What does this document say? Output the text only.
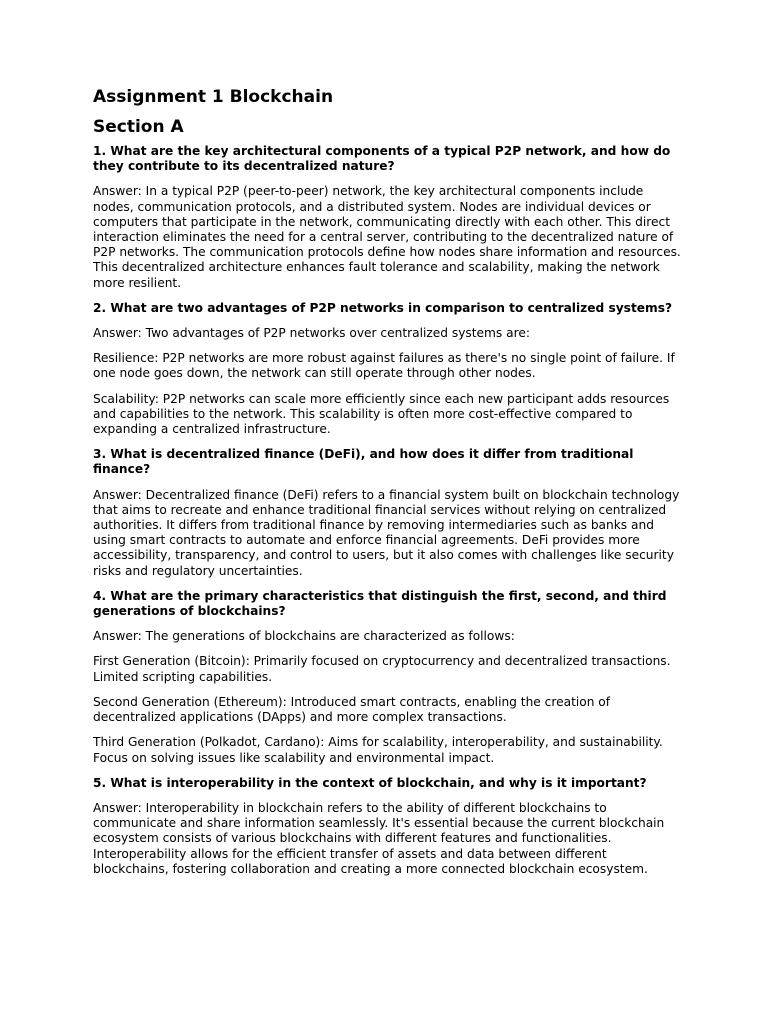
Assignment 1 Blockchain
Section A

1. What are the key architectural components of a typical P2P network, and how do they contribute to its decentralized nature?

Answer: In a typical P2P (peer-to-peer) network, the key architectural components include nodes, communication protocols, and a distributed system. Nodes are individual devices or computers that participate in the network, communicating directly with each other. This direct interaction eliminates the need for a central server, contributing to the decentralized nature of P2P networks. The communication protocols define how nodes share information and resources. This decentralized architecture enhances fault tolerance and scalability, making the network more resilient.

2. What are two advantages of P2P networks in comparison to centralized systems?

Answer: Two advantages of P2P networks over centralized systems are:

Resilience: P2P networks are more robust against failures as there's no single point of failure. If one node goes down, the network can still operate through other nodes.

Scalability: P2P networks can scale more efficiently since each new participant adds resources and capabilities to the network. This scalability is often more cost-effective compared to expanding a centralized infrastructure.

3. What is decentralized finance (DeFi), and how does it differ from traditional finance?

Answer: Decentralized finance (DeFi) refers to a financial system built on blockchain technology that aims to recreate and enhance traditional financial services without relying on centralized authorities. It differs from traditional finance by removing intermediaries such as banks and using smart contracts to automate and enforce financial agreements. DeFi provides more accessibility, transparency, and control to users, but it also comes with challenges like security risks and regulatory uncertainties.

4. What are the primary characteristics that distinguish the first, second, and third generations of blockchains?

Answer: The generations of blockchains are characterized as follows:

First Generation (Bitcoin): Primarily focused on cryptocurrency and decentralized transactions. Limited scripting capabilities.

Second Generation (Ethereum): Introduced smart contracts, enabling the creation of decentralized applications (DApps) and more complex transactions.

Third Generation (Polkadot, Cardano): Aims for scalability, interoperability, and sustainability. Focus on solving issues like scalability and environmental impact.

5. What is interoperability in the context of blockchain, and why is it important?

Answer: Interoperability in blockchain refers to the ability of different blockchains to communicate and share information seamlessly. It's essential because the current blockchain ecosystem consists of various blockchains with different features and functionalities. Interoperability allows for the efficient transfer of assets and data between different blockchains, fostering collaboration and creating a more connected blockchain ecosystem.
